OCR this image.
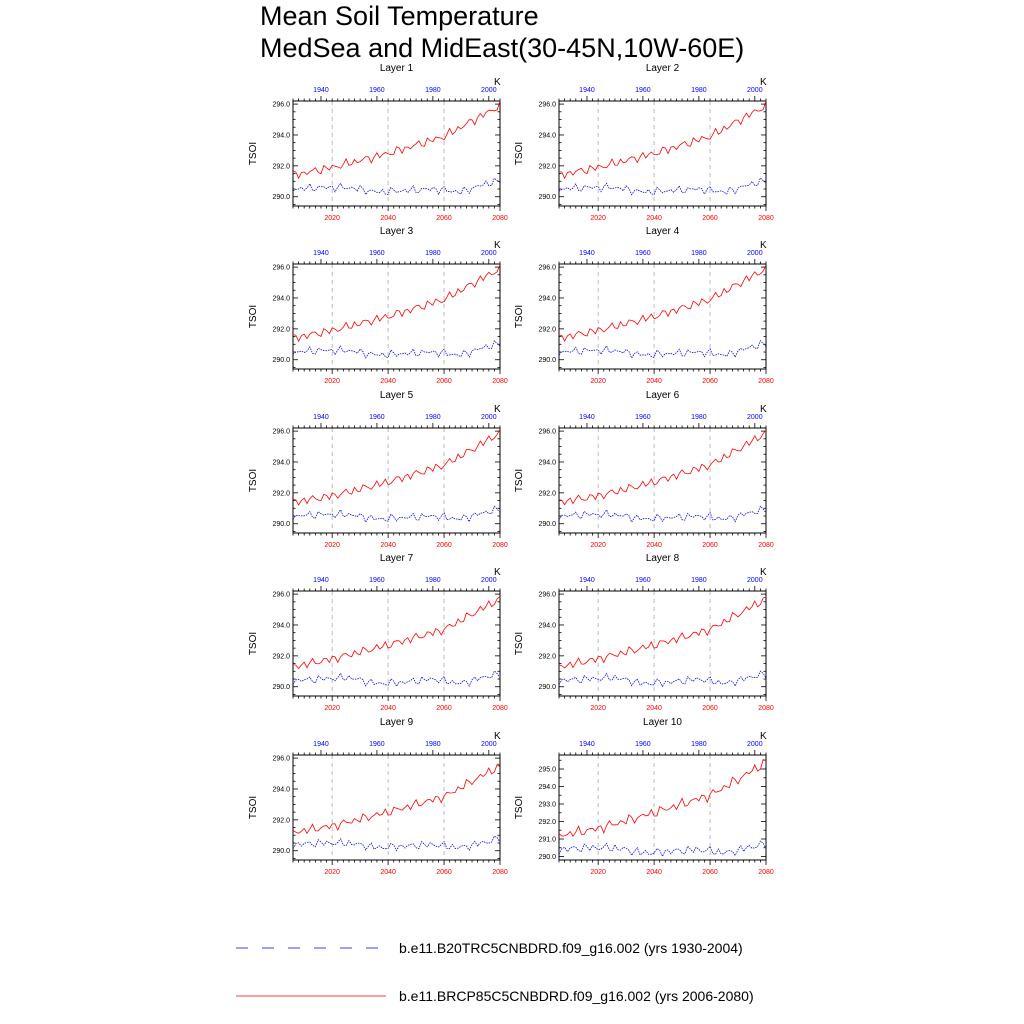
Mean Soil Temperature
MedSea and MidEast(30-45N,10W-60E)
Layer 1
K
TSOI
290.0
292.0
294.0
296.0
2020	2040	2060	2080
1940	1960	1980	2000
Layer 2
K
TSOI
290.0
292.0
294.0
296.0
2020	2040	2060	2080
1940	1960	1980	2000
Layer 3
K
TSOI
290.0
292.0
294.0
296.0
2020	2040	2060	2080
1940	1960	1980	2000
Layer 4
K
TSOI
290.0
292.0
294.0
296.0
2020	2040	2060	2080
1940	1960	1980	2000
Layer 5
K
TSOI
290.0
292.0
294.0
296.0
2020	2040	2060	2080
1940	1960	1980	2000
Layer 6
K
TSOI
290.0
292.0
294.0
296.0
2020	2040	2060	2080
1940	1960	1980	2000
Layer 7
K
TSOI
290.0
292.0
294.0
296.0
2020	2040	2060	2080
1940	1960	1980	2000
Layer 8
K
TSOI
290.0
292.0
294.0
296.0
2020	2040	2060	2080
1940	1960	1980	2000
Layer 9
K
TSOI
290.0
292.0
294.0
296.0
2020	2040	2060	2080
1940	1960	1980	2000
Layer 10
K
TSOI
290.0
291.0
292.0
293.0
294.0
295.0
2020	2040	2060	2080
1940	1960	1980	2000
b.e11.B20TRC5CNBDRD.f09_g16.002 (yrs 1930-2004)
b.e11.BRCP85C5CNBDRD.f09_g16.002 (yrs 2006-2080)
